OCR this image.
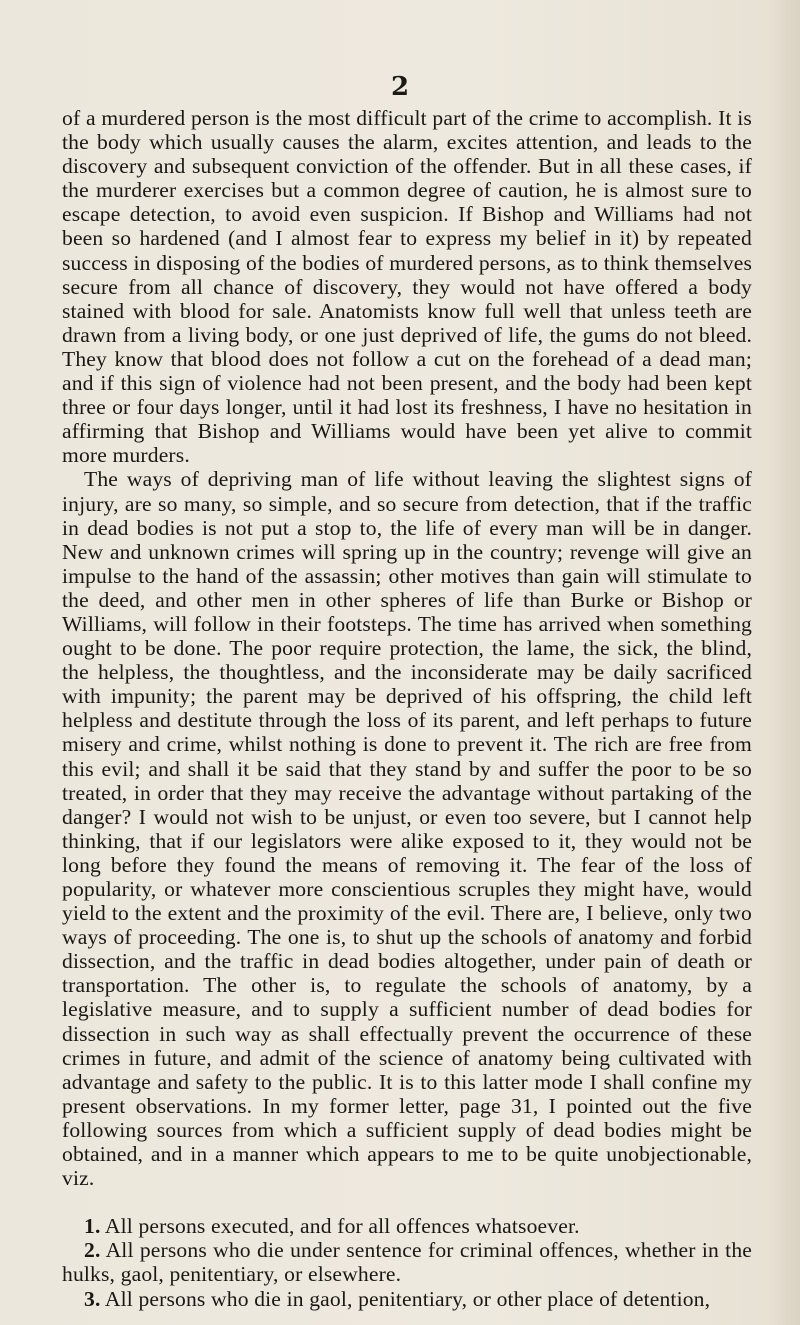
2

of a murdered person is the most difficult part of the crime to accomplish. It is the body which usually causes the alarm, excites attention, and leads to the discovery and subsequent conviction of the offender. But in all these cases, if the murderer exercises but a common degree of caution, he is almost sure to escape detection, to avoid even suspicion. If Bishop and Williams had not been so hardened (and I almost fear to express my belief in it) by repeated success in disposing of the bodies of murdered persons, as to think themselves secure from all chance of discovery, they would not have offered a body stained with blood for sale. Anatomists know full well that unless teeth are drawn from a living body, or one just deprived of life, the gums do not bleed. They know that blood does not follow a cut on the forehead of a dead man; and if this sign of violence had not been present, and the body had been kept three or four days longer, until it had lost its freshness, I have no hesitation in affirming that Bishop and Williams would have been yet alive to commit more murders.

The ways of depriving man of life without leaving the slightest signs of injury, are so many, so simple, and so secure from detection, that if the traffic in dead bodies is not put a stop to, the life of every man will be in danger. New and unknown crimes will spring up in the country; revenge will give an impulse to the hand of the assassin; other motives than gain will stimulate to the deed, and other men in other spheres of life than Burke or Bishop or Williams, will follow in their footsteps. The time has arrived when something ought to be done. The poor require protection, the lame, the sick, the blind, the helpless, the thoughtless, and the inconsiderate may be daily sacrificed with impunity; the parent may be deprived of his offspring, the child left helpless and destitute through the loss of its parent, and left perhaps to future misery and crime, whilst nothing is done to prevent it. The rich are free from this evil; and shall it be said that they stand by and suffer the poor to be so treated, in order that they may receive the advantage without partaking of the danger? I would not wish to be unjust, or even too severe, but I cannot help thinking, that if our legislators were alike exposed to it, they would not be long before they found the means of removing it. The fear of the loss of popularity, or whatever more conscientious scruples they might have, would yield to the extent and the proximity of the evil. There are, I believe, only two ways of proceeding. The one is, to shut up the schools of anatomy and forbid dissection, and the traffic in dead bodies altogether, under pain of death or transportation. The other is, to regulate the schools of anatomy, by a legislative measure, and to supply a sufficient number of dead bodies for dissection in such way as shall effectually prevent the occurrence of these crimes in future, and admit of the science of anatomy being cultivated with advantage and safety to the public. It is to this latter mode I shall confine my present observations. In my former letter, page 31, I pointed out the five following sources from which a sufficient supply of dead bodies might be obtained, and in a manner which appears to me to be quite unobjectionable, viz.

1. All persons executed, and for all offences whatsoever.

2. All persons who die under sentence for criminal offences, whether in the hulks, gaol, penitentiary, or elsewhere.

3. All persons who die in gaol, penitentiary, or other place of detention,
